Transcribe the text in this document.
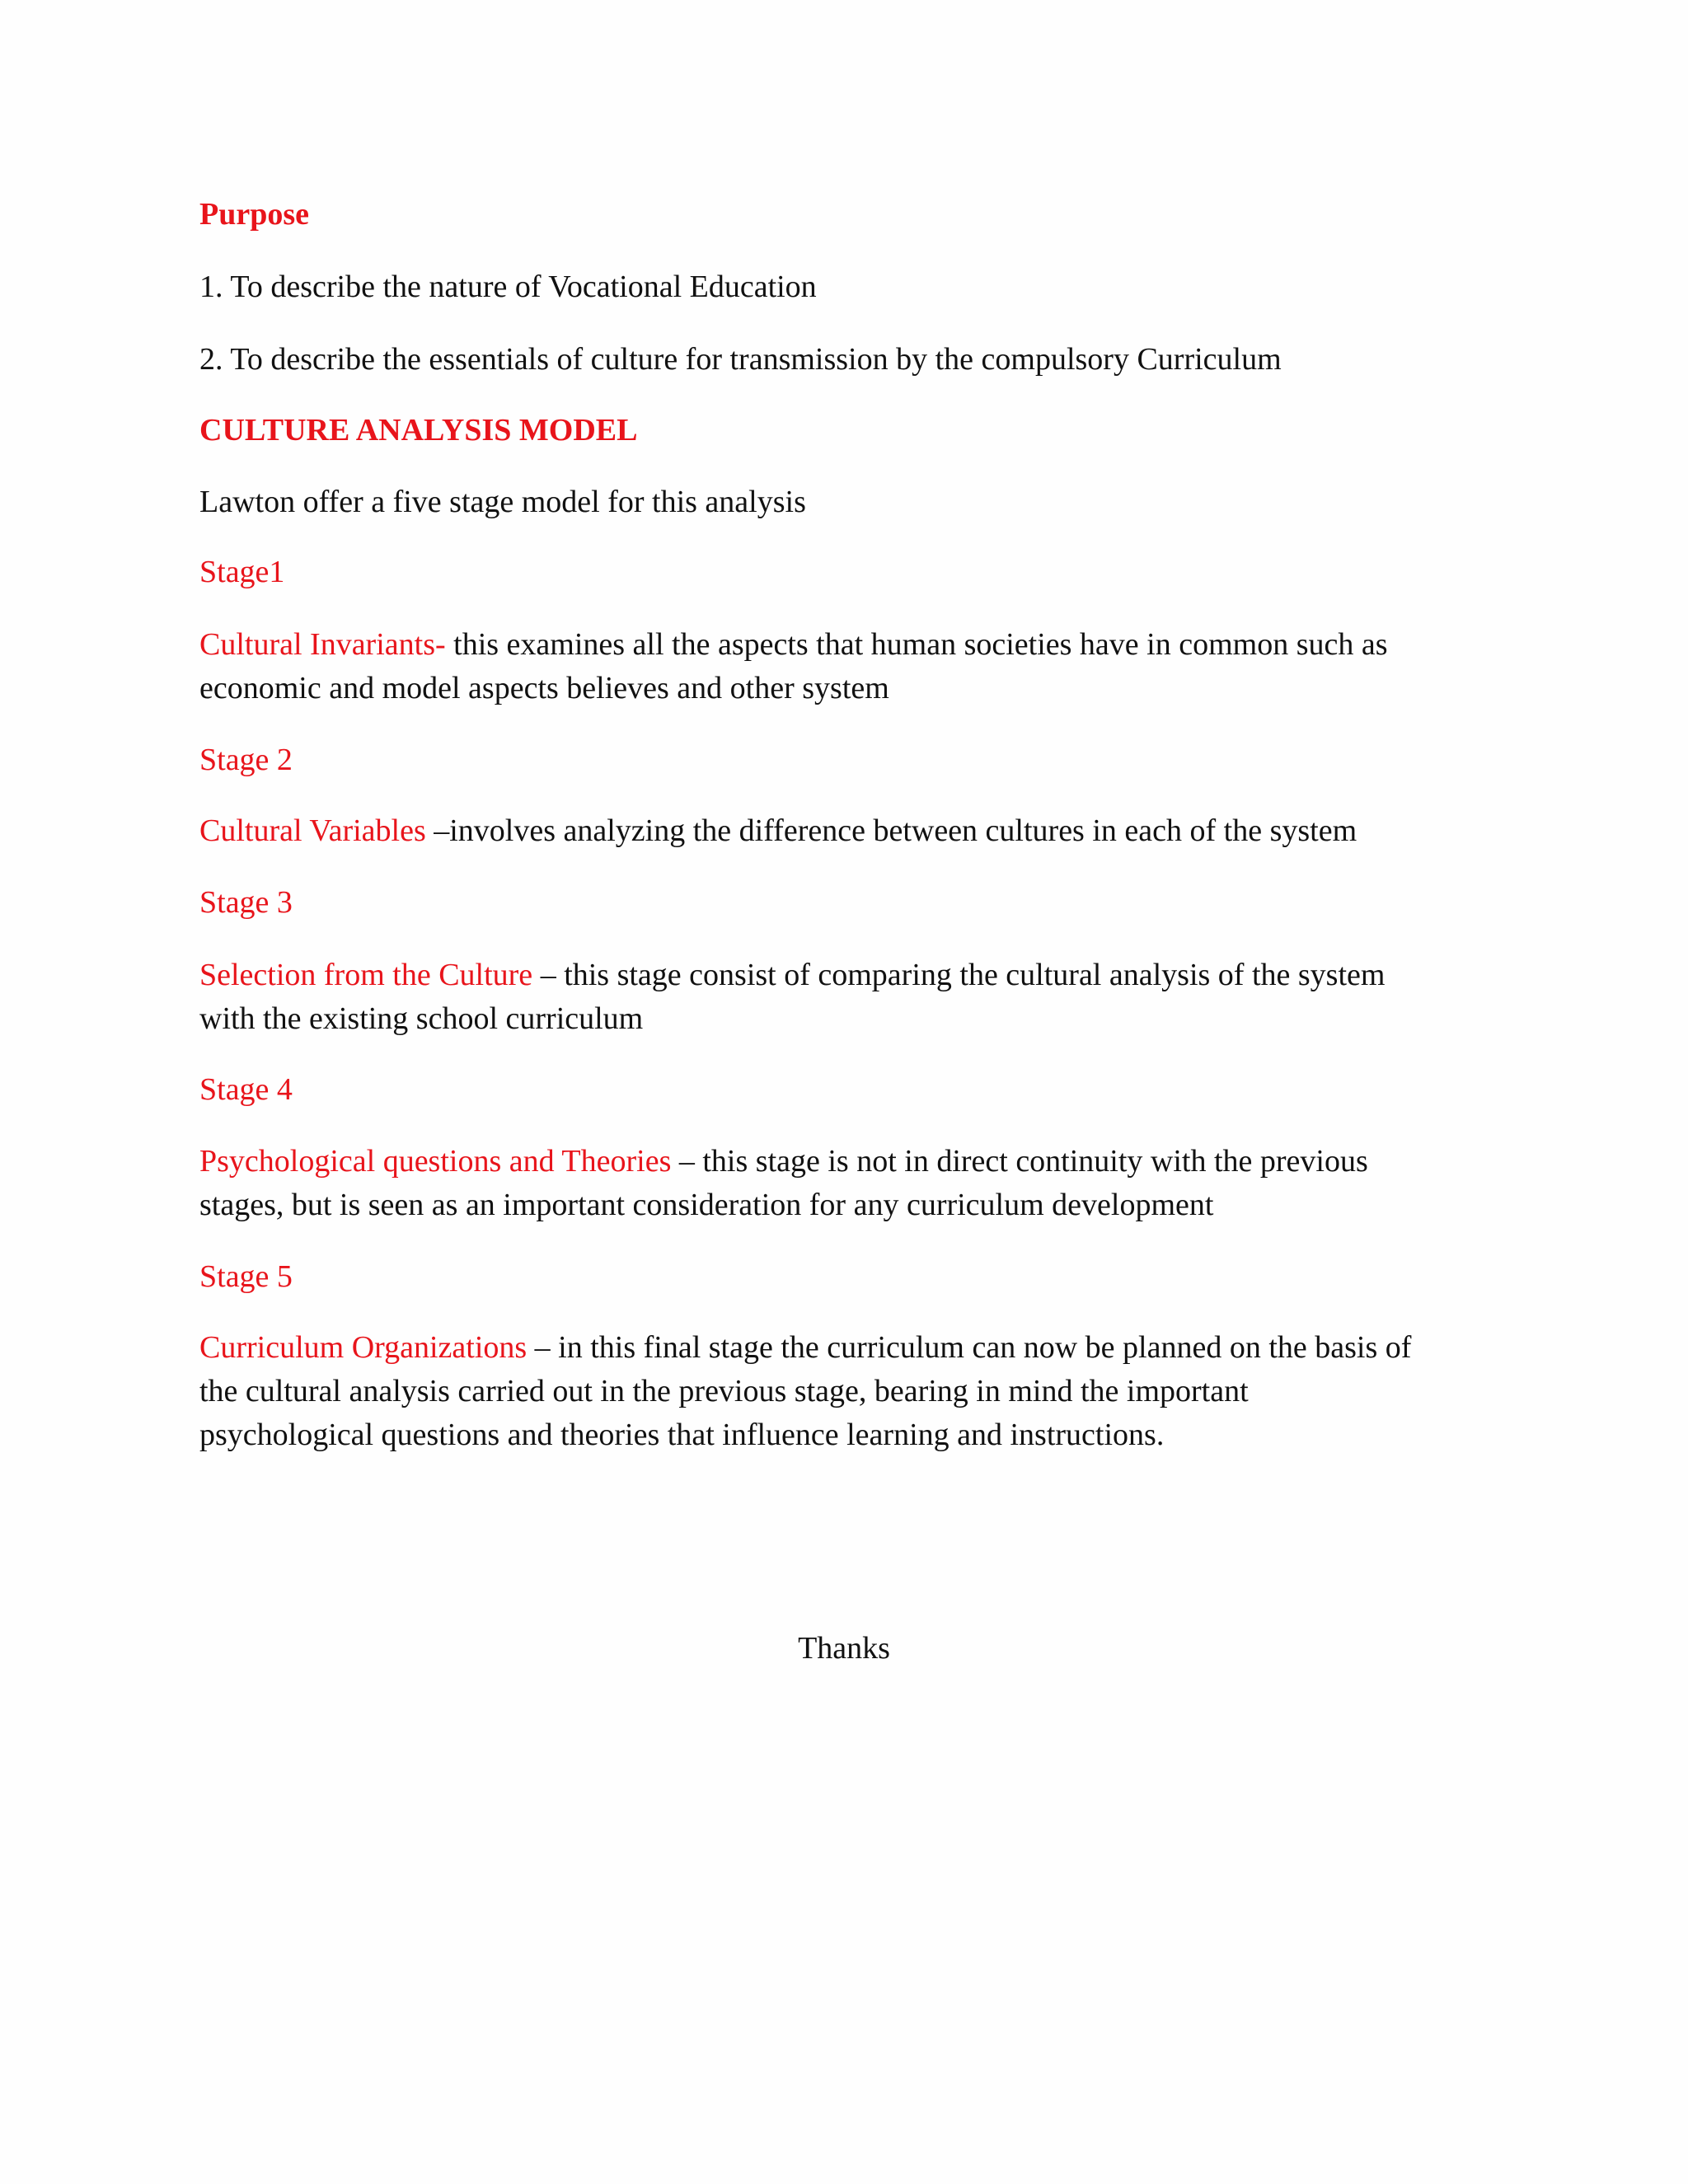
Purpose
1. To describe the nature of Vocational Education
2. To describe the essentials of culture for transmission by the compulsory Curriculum
CULTURE ANALYSIS MODEL
Lawton offer a five stage model for this analysis
Stage1
Cultural Invariants- this examines all the aspects that human societies have in common such as
economic and model aspects believes and other system
Stage 2
Cultural Variables –involves analyzing the difference between cultures in each of the system
Stage 3
Selection from the Culture – this stage consist of comparing the cultural analysis of the system
with the existing school curriculum
Stage 4
Psychological questions and Theories – this stage is not in direct continuity with the previous
stages, but is seen as an important consideration for any curriculum development
Stage 5
Curriculum Organizations – in this final stage the curriculum can now be planned on the basis of
the cultural analysis carried out in the previous stage, bearing in mind the important
psychological questions and theories that influence learning and instructions.
Thanks
